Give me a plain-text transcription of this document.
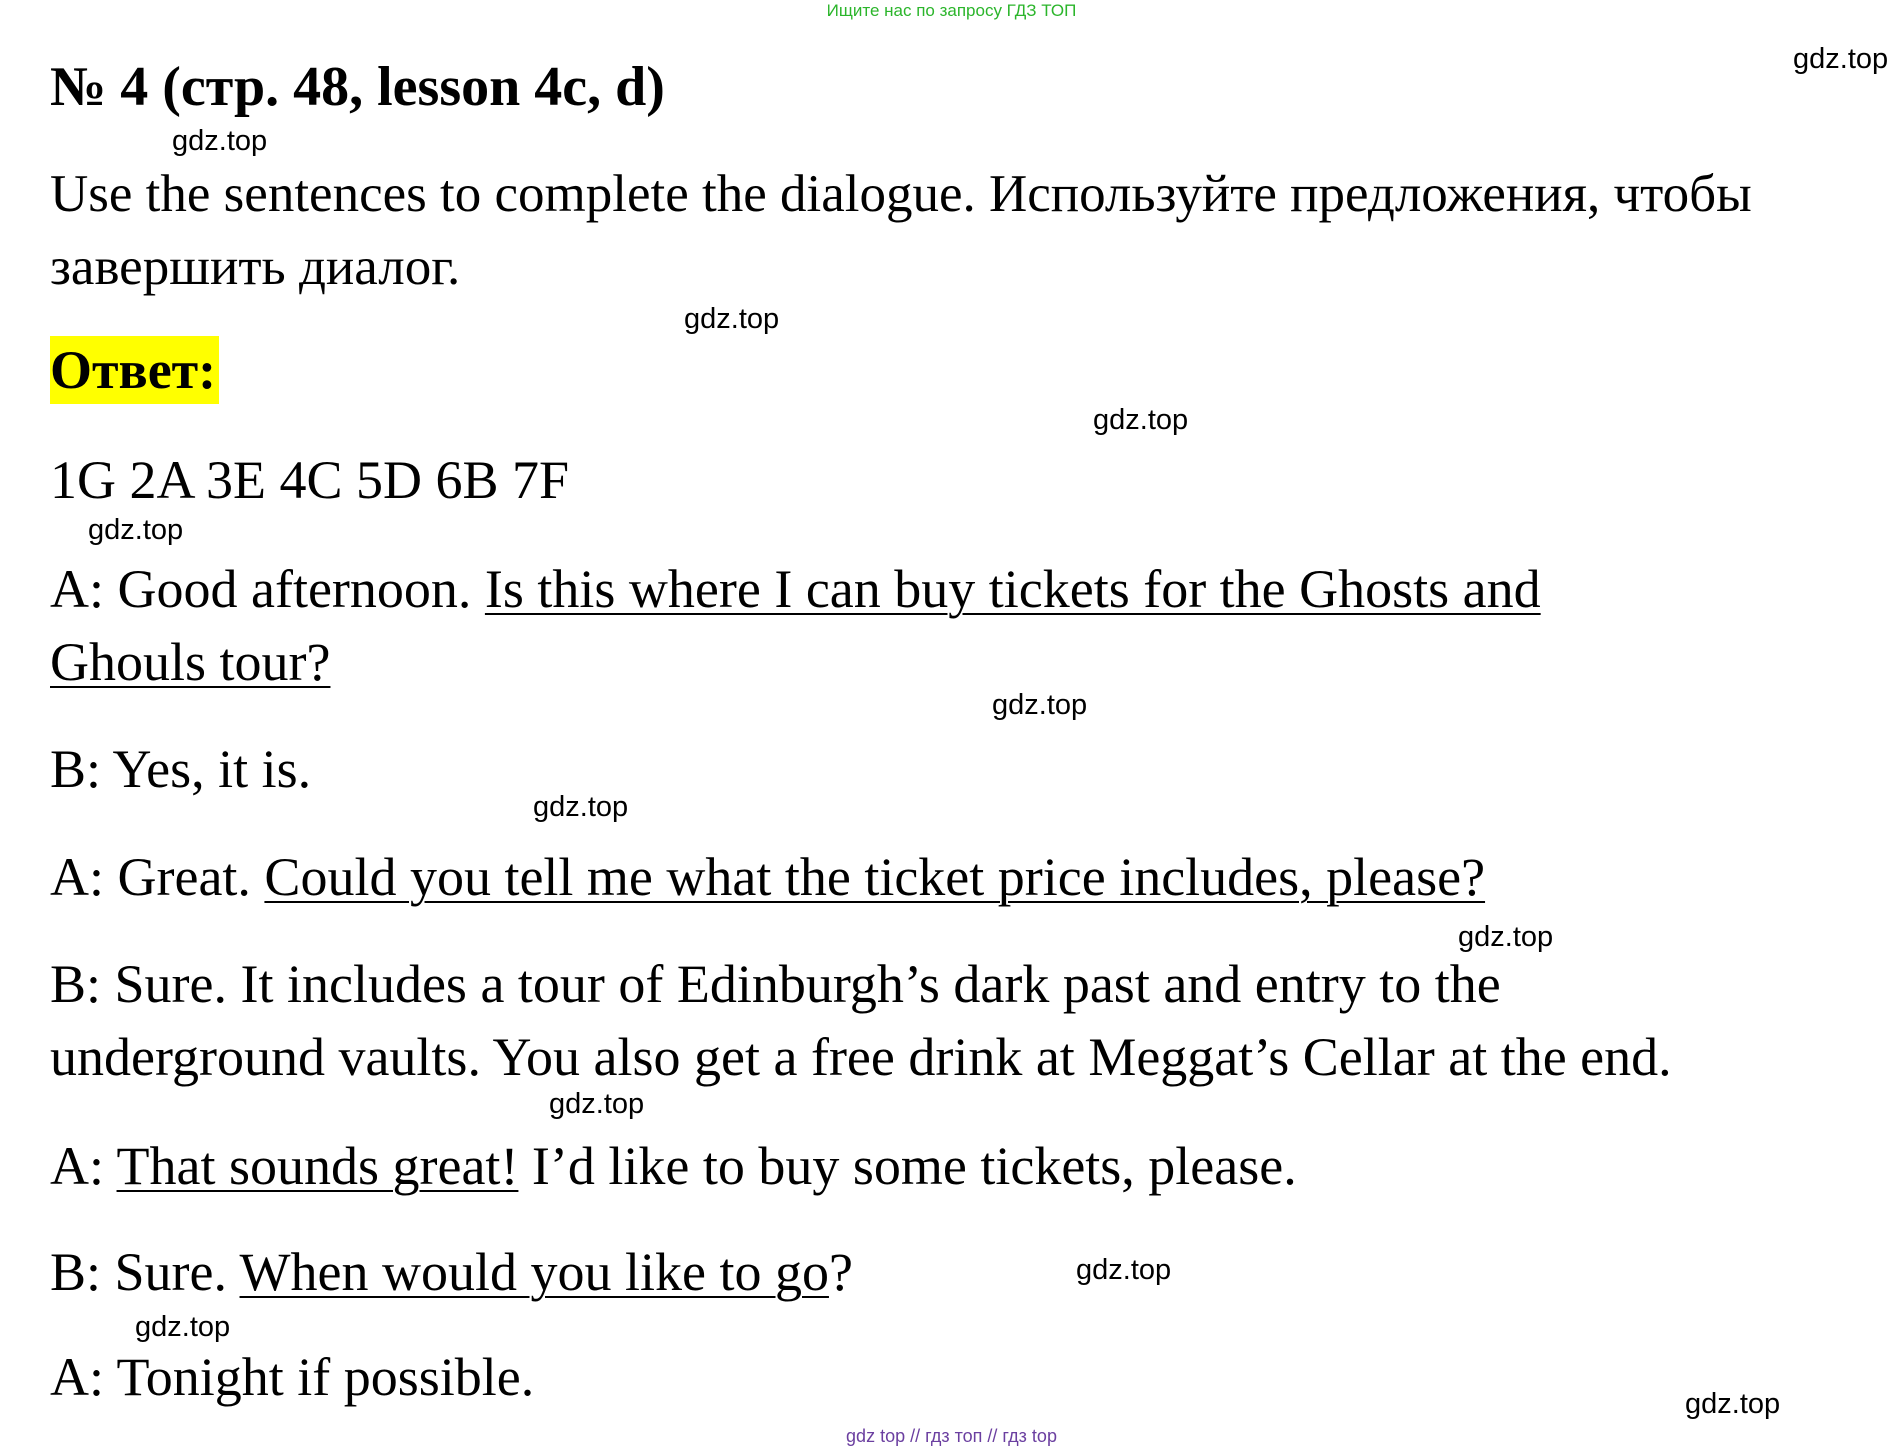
Ищите нас по запросу ГДЗ ТОП
№ 4 (стр. 48, lesson 4c, d)
Use the sentences to complete the dialogue. Используйте предложения, чтобы завершить диалог.
Ответ:
1G 2A 3E 4C 5D 6B 7F
A: Good afternoon. Is this where I can buy tickets for the Ghosts and
Ghouls tour?
B: Yes, it is.
A: Great. Could you tell me what the ticket price includes, please?
B: Sure. It includes a tour of Edinburgh’s dark past and entry to the
underground vaults. You also get a free drink at Meggat’s Cellar at the end.
A: That sounds great! I’d like to buy some tickets, please.
B: Sure. When would you like to go?
A: Tonight if possible.
gdz.top
gdz.top
gdz.top
gdz.top
gdz.top
gdz.top
gdz.top
gdz.top
gdz.top
gdz.top
gdz.top
gdz.top
gdz top // гдз топ // гдз top
